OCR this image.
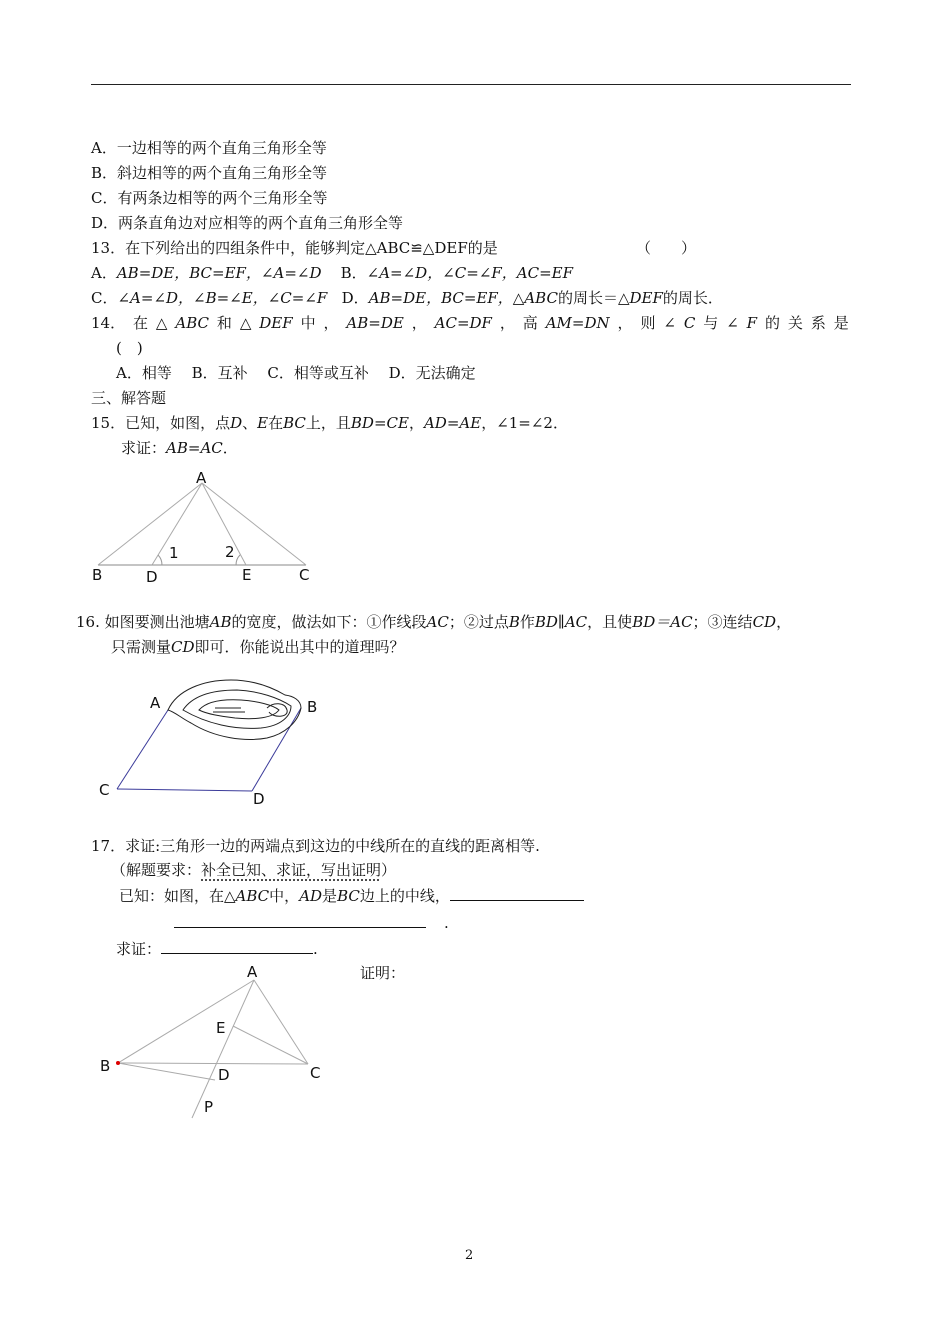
A．一边相等的两个直角三角形全等
B．斜边相等的两个直角三角形全等
C．有两条边相等的两个三角形全等
D．两条直角边对应相等的两个直角三角形全等
13．在下列给出的四组条件中，能够判定△ABC≌△DEF的是	（　　）
A．AB=DE，BC=EF，∠A=∠D B．∠A=∠D，∠C=∠F，AC=EF
C．∠A=∠D，∠B=∠E，∠C=∠F D．AB=DE，BC=EF，△ABC的周长＝△DEF的周长．
14． 在 △ ABC 和 △ DEF 中 ， AB=DE ， AC=DF ， 高 AM=DN ， 则 ∠ C 与 ∠ F 的 关 系 是
(　)
A．相等　 B．互补　 C．相等或互补　 D．无法确定
三、解答题
15．已知，如图，点D、E在BC上，且BD=CE，AD=AE，∠1=∠2．
求证：AB=AC．
A
B	D	E	C
1	2
16. 如图要测出池塘AB的宽度，做法如下：①作线段AC；②过点B作BD∥AC，且使BD＝AC；③连结CD，
只需测量CD即可．你能说出其中的道理吗？
A	B
C	D
17．求证:三角形一边的两端点到这边的中线所在的直线的距离相等.
（解题要求：补全已知、求证，写出证明）
已知：如图，在△ABC中，AD是BC边上的中线，
.
求证：	.
证明：
A
E
B	D	C
P
2
